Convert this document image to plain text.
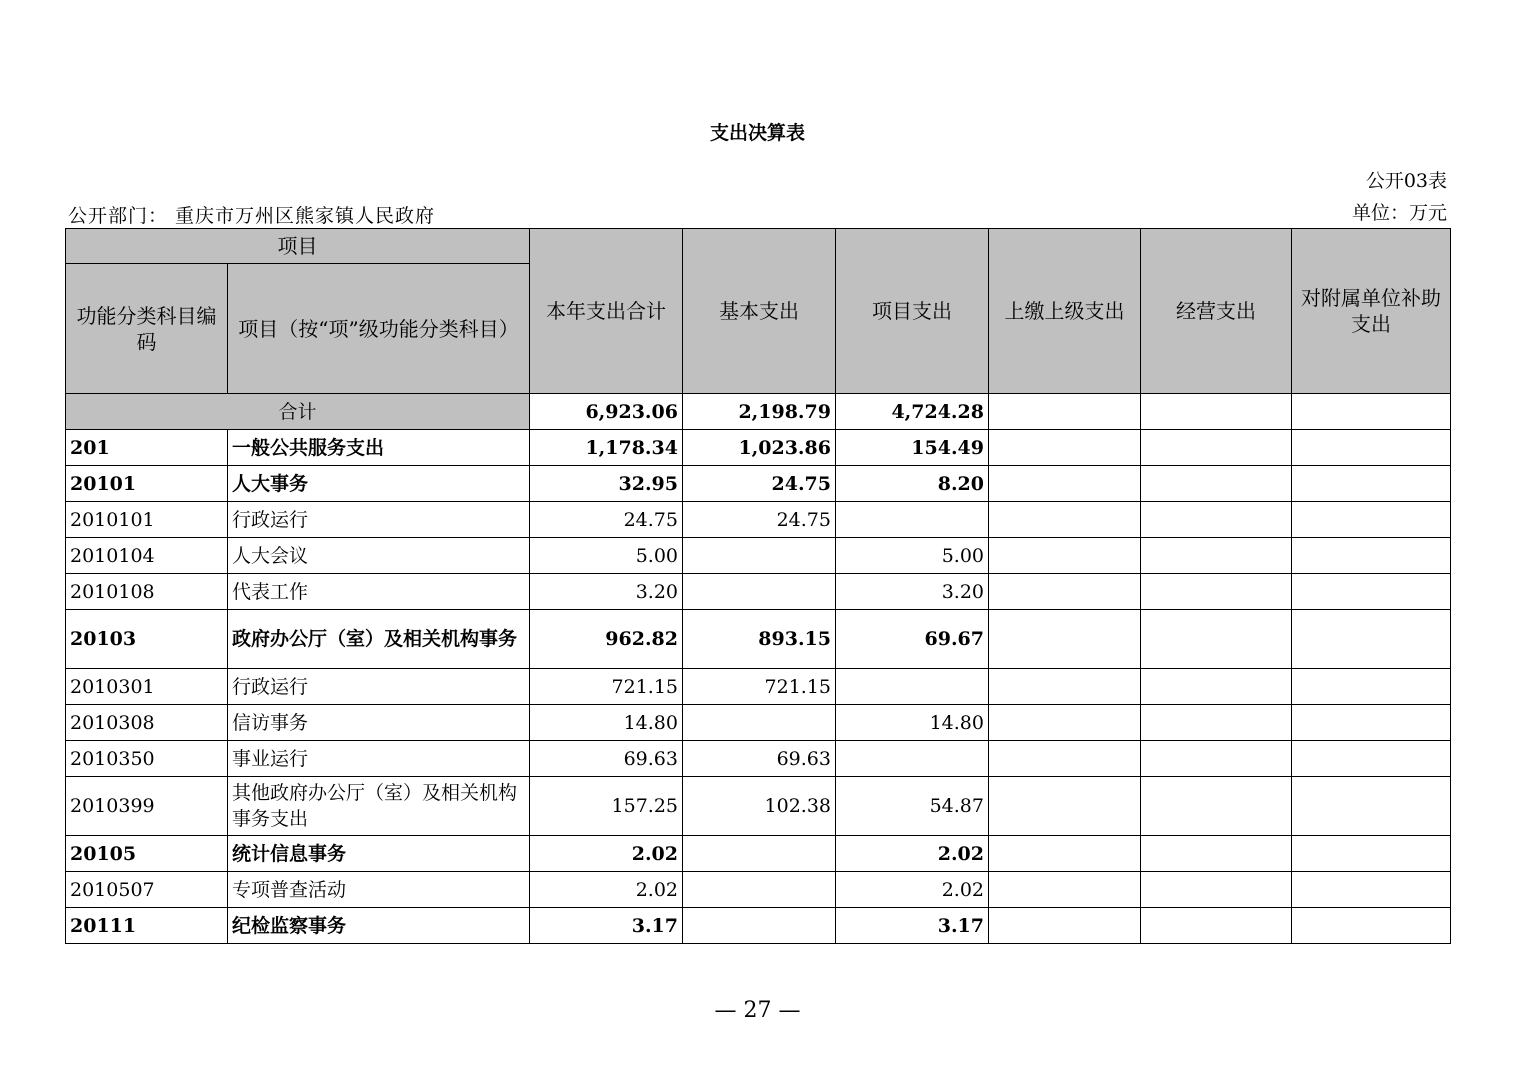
支出决算表
公开03表
公开部门： 重庆市万州区熊家镇人民政府	单位：万元
项目		本年支出合计	基本支出	项目支出	上缴上级支出	经营支出	对附属单位补助支出
功能分类科目编码	项目（按“项”级功能分类科目）						
合计		6,923.06	2,198.79	4,724.28			
201	一般公共服务支出	1,178.34	1,023.86	154.49			
20101	人大事务	32.95	24.75	8.20			
2010101	行政运行	24.75	24.75				
2010104	人大会议	5.00		5.00			
2010108	代表工作	3.20		3.20			
20103	政府办公厅（室）及相关机构事务	962.82	893.15	69.67			
2010301	行政运行	721.15	721.15				
2010308	信访事务	14.80		14.80			
2010350	事业运行	69.63	69.63				
2010399	其他政府办公厅（室）及相关机构事务支出	157.25	102.38	54.87			
20105	统计信息事务	2.02		2.02			
2010507	专项普查活动	2.02		2.02			
20111	纪检监察事务	3.17		3.17			
— 27 —
